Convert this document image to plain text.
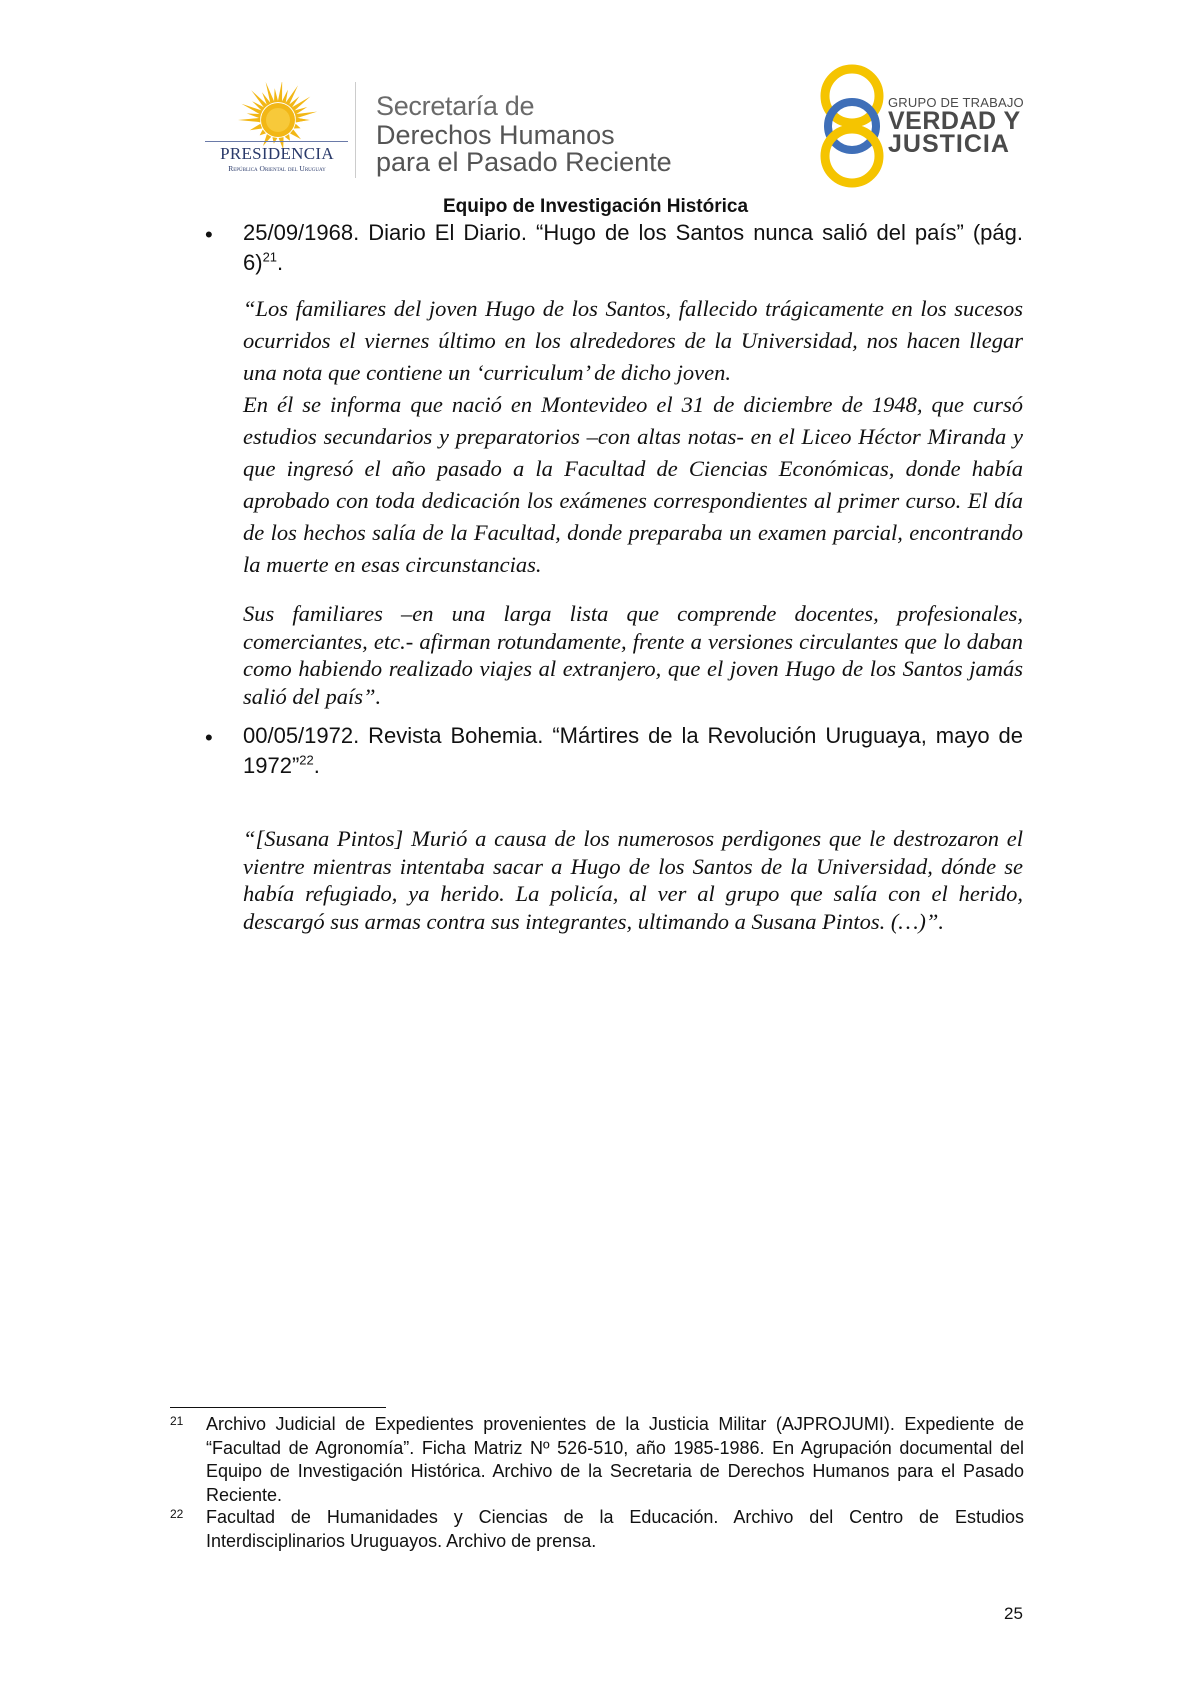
PRESIDENCIA
República Oriental del Uruguay
Secretaría de
Derechos Humanos
para el Pasado Reciente
GRUPO DE TRABAJO
VERDAD Y
JUSTICIA
Equipo de Investigación Histórica
• 25/09/1968. Diario El Diario. “Hugo de los Santos nunca salió del país” (pág. 6)$^{21}$.

“Los familiares del joven Hugo de los Santos, fallecido trágicamente en los sucesos ocurridos el viernes último en los alrededores de la Universidad, nos hacen llegar una nota que contiene un ‘curriculum’ de dicho joven.

En él se informa que nació en Montevideo el 31 de diciembre de 1948, que cursó estudios secundarios y preparatorios –con altas notas- en el Liceo Héctor Miranda y que ingresó el año pasado a la Facultad de Ciencias Económicas, donde había aprobado con toda dedicación los exámenes correspondientes al primer curso. El día de los hechos salía de la Facultad, donde preparaba un examen parcial, encontrando la muerte en esas circunstancias.

Sus familiares –en una larga lista que comprende docentes, profesionales, comerciantes, etc.- afirman rotundamente, frente a versiones circulantes que lo daban como habiendo realizado viajes al extranjero, que el joven Hugo de los Santos jamás salió del país”.

• 00/05/1972. Revista Bohemia. “Mártires de la Revolución Uruguaya, mayo de 1972”$^{22}$.

“[Susana Pintos] Murió a causa de los numerosos perdigones que le destrozaron el vientre mientras intentaba sacar a Hugo de los Santos de la Universidad, dónde se había refugiado, ya herido. La policía, al ver al grupo que salía con el herido, descargó sus armas contra sus integrantes, ultimando a Susana Pintos. (…)”.

21 Archivo Judicial de Expedientes provenientes de la Justicia Militar (AJPROJUMI). Expediente de “Facultad de Agronomía”. Ficha Matriz Nº 526-510, año 1985-1986. En Agrupación documental del Equipo de Investigación Histórica. Archivo de la Secretaria de Derechos Humanos para el Pasado Reciente.
22 Facultad de Humanidades y Ciencias de la Educación. Archivo del Centro de Estudios Interdisciplinarios Uruguayos. Archivo de prensa.
25
